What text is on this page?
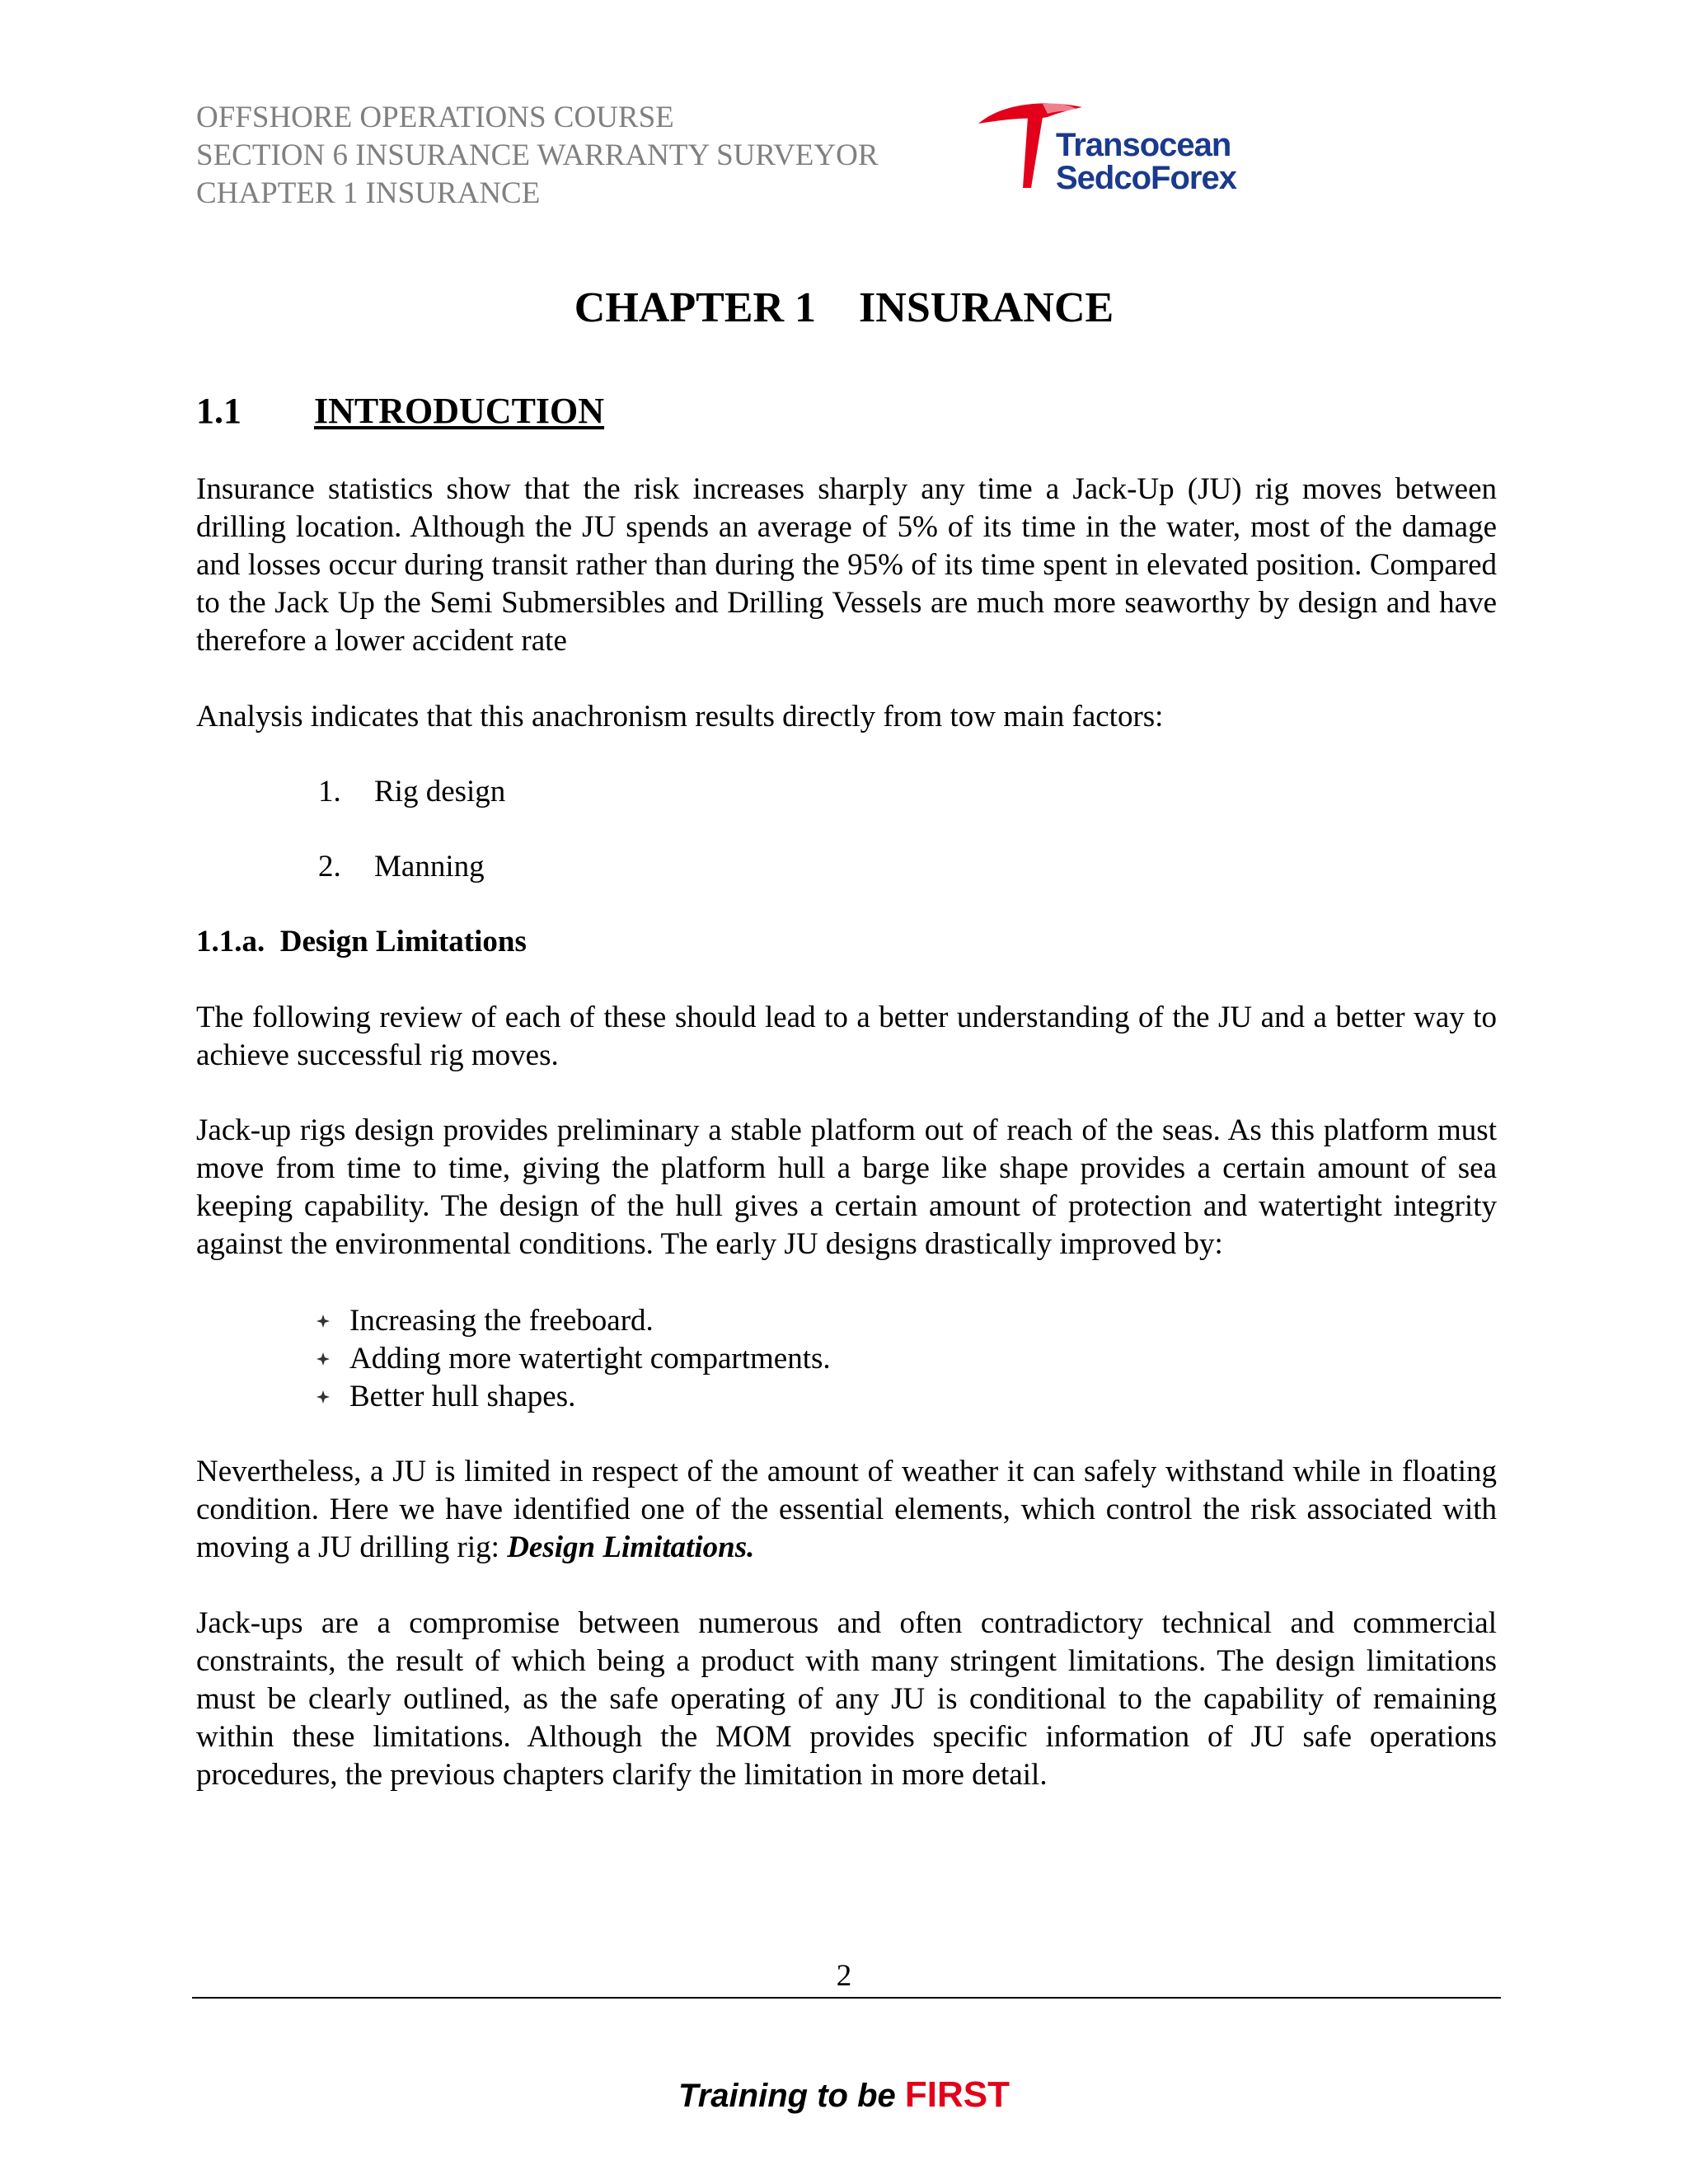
OFFSHORE OPERATIONS COURSE
SECTION 6 INSURANCE WARRANTY SURVEYOR
CHAPTER 1 INSURANCE
Transocean
SedcoForex
CHAPTER 1    INSURANCE
1.1 INTRODUCTION

Insurance statistics show that the risk increases sharply any time a Jack-Up (JU) rig moves between drilling location. Although the JU spends an average of 5% of its time in the water, most of the damage and losses occur during transit rather than during the 95% of its time spent in elevated position. Compared to the Jack Up the Semi Submersibles and Drilling Vessels are much more seaworthy by design and have therefore a lower accident rate

Analysis indicates that this anachronism results directly from tow main factors:

1. Rig design
2. Manning
1.1.a.  Design Limitations

The following review of each of these should lead to a better understanding of the JU and a better way to achieve successful rig moves.

Jack-up rigs design provides preliminary a stable platform out of reach of the seas. As this platform must move from time to time, giving the platform hull a barge like shape provides a certain amount of sea keeping capability. The design of the hull gives a certain amount of protection and watertight integrity against the environmental conditions. The early JU designs drastically improved by:

Increasing the freeboard.
Adding more watertight compartments.
Better hull shapes.

Nevertheless, a JU is limited in respect of the amount of weather it can safely withstand while in floating condition. Here we have identified one of the essential elements, which control the risk associated with moving a JU drilling rig: Design Limitations.

Jack-ups are a compromise between numerous and often contradictory technical and commercial constraints, the result of which being a product with many stringent limitations. The design limitations must be clearly outlined, as the safe operating of any JU is conditional to the capability of remaining within these limitations. Although the MOM provides specific information of JU safe operations procedures, the previous chapters clarify the limitation in more detail.

2
Training to be FIRST
